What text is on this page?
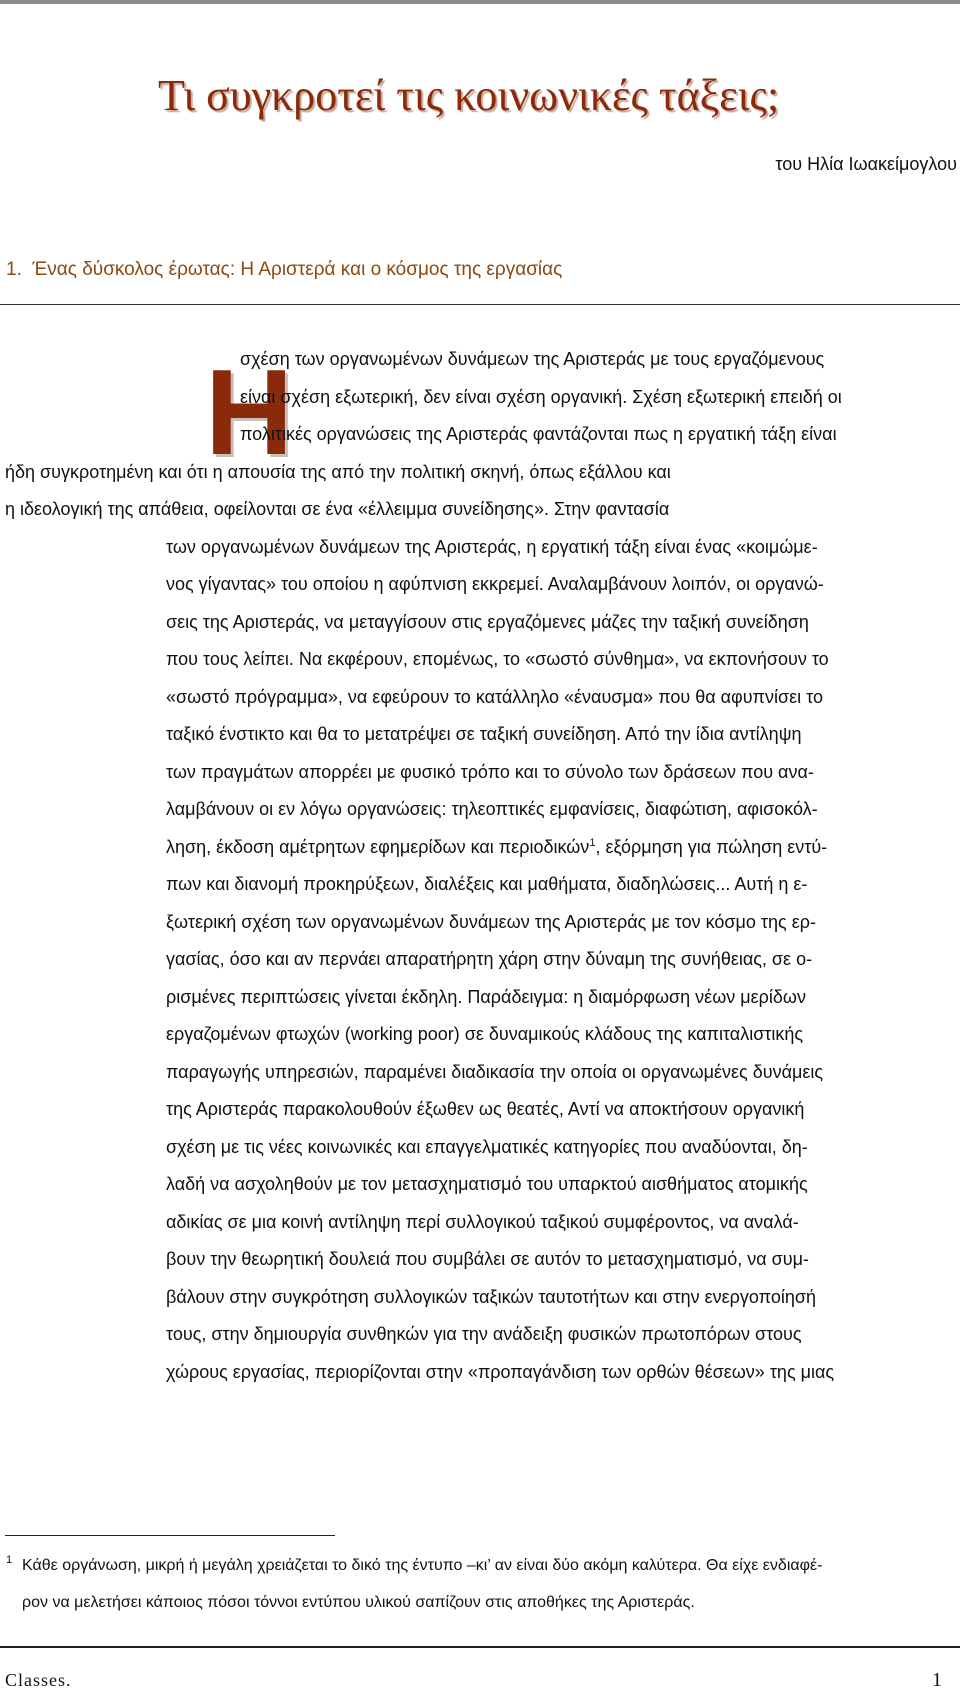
Τι συγκροτεί τις κοινωνικές τάξεις;
του Ηλία Ιωακείμογλου
1.  Ένας δύσκολος έρωτας: Η Αριστερά και ο κόσμος της εργασίας
Η
σχέση των οργανωμένων δυνάμεων της Αριστεράς με τους εργαζόμενους
είναι σχέση εξωτερική, δεν είναι σχέση οργανική. Σχέση εξωτερική επειδή οι
πολιτικές οργανώσεις της Αριστεράς φαντάζονται πως η εργατική τάξη είναι
ήδη συγκροτημένη και ότι η απουσία της από την πολιτική σκηνή, όπως εξάλλου και
η ιδεολογική της απάθεια, οφείλονται σε ένα «έλλειμμα συνείδησης». Στην φαντασία
των οργανωμένων δυνάμεων της Αριστεράς, η εργατική τάξη είναι ένας «κοιμώμε-
νος γίγαντας» του οποίου η αφύπνιση εκκρεμεί. Αναλαμβάνουν λοιπόν, οι οργανώ-
σεις της Αριστεράς, να μεταγγίσουν στις εργαζόμενες μάζες την ταξική συνείδηση
που τους λείπει. Να εκφέρουν, επομένως, το «σωστό σύνθημα», να εκπονήσουν το
«σωστό πρόγραμμα», να εφεύρουν το κατάλληλο «έναυσμα» που θα αφυπνίσει το
ταξικό ένστικτο και θα το μετατρέψει σε ταξική συνείδηση. Από την ίδια αντίληψη
των πραγμάτων απορρέει με φυσικό τρόπο και το σύνολο των δράσεων που ανα-
λαμβάνουν οι εν λόγω οργανώσεις: τηλεοπτικές εμφανίσεις, διαφώτιση, αφισοκόλ-
ληση, έκδοση αμέτρητων εφημερίδων και περιοδικών$^1$, εξόρμηση για πώληση εντύ-
πων και διανομή προκηρύξεων, διαλέξεις και μαθήματα, διαδηλώσεις... Αυτή η ε-
ξωτερική σχέση των οργανωμένων δυνάμεων της Αριστεράς με τον κόσμο της ερ-
γασίας, όσο και αν περνάει απαρατήρητη χάρη στην δύναμη της συνήθειας, σε ο-
ρισμένες περιπτώσεις γίνεται έκδηλη. Παράδειγμα: η διαμόρφωση νέων μερίδων
εργαζομένων φτωχών (working poor) σε δυναμικούς κλάδους της καπιταλιστικής
παραγωγής υπηρεσιών, παραμένει διαδικασία την οποία οι οργανωμένες δυνάμεις
της Αριστεράς παρακολουθούν έξωθεν ως θεατές, Αντί να αποκτήσουν οργανική
σχέση με τις νέες κοινωνικές και επαγγελματικές κατηγορίες που αναδύονται, δη-
λαδή να ασχοληθούν με τον μετασχηματισμό του υπαρκτού αισθήματος ατομικής
αδικίας σε μια κοινή αντίληψη περί συλλογικού ταξικού συμφέροντος, να αναλά-
βουν την θεωρητική δουλειά που συμβάλει σε αυτόν το μετασχηματισμό, να συμ-
βάλουν στην συγκρότηση συλλογικών ταξικών ταυτοτήτων και στην ενεργοποίησή
τους, στην δημιουργία συνθηκών για την ανάδειξη φυσικών πρωτοπόρων στους
χώρους εργασίας, περιορίζονται στην «προπαγάνδιση των ορθών θέσεων» της μιας
1 Κάθε οργάνωση, μικρή ή μεγάλη χρειάζεται το δικό της έντυπο –κι’ αν είναι δύο ακόμη καλύτερα. Θα είχε ενδιαφέ-
ρον να μελετήσει κάποιος πόσοι τόννοι εντύπου υλικού σαπίζουν στις αποθήκες της Αριστεράς.
Classes.	1
